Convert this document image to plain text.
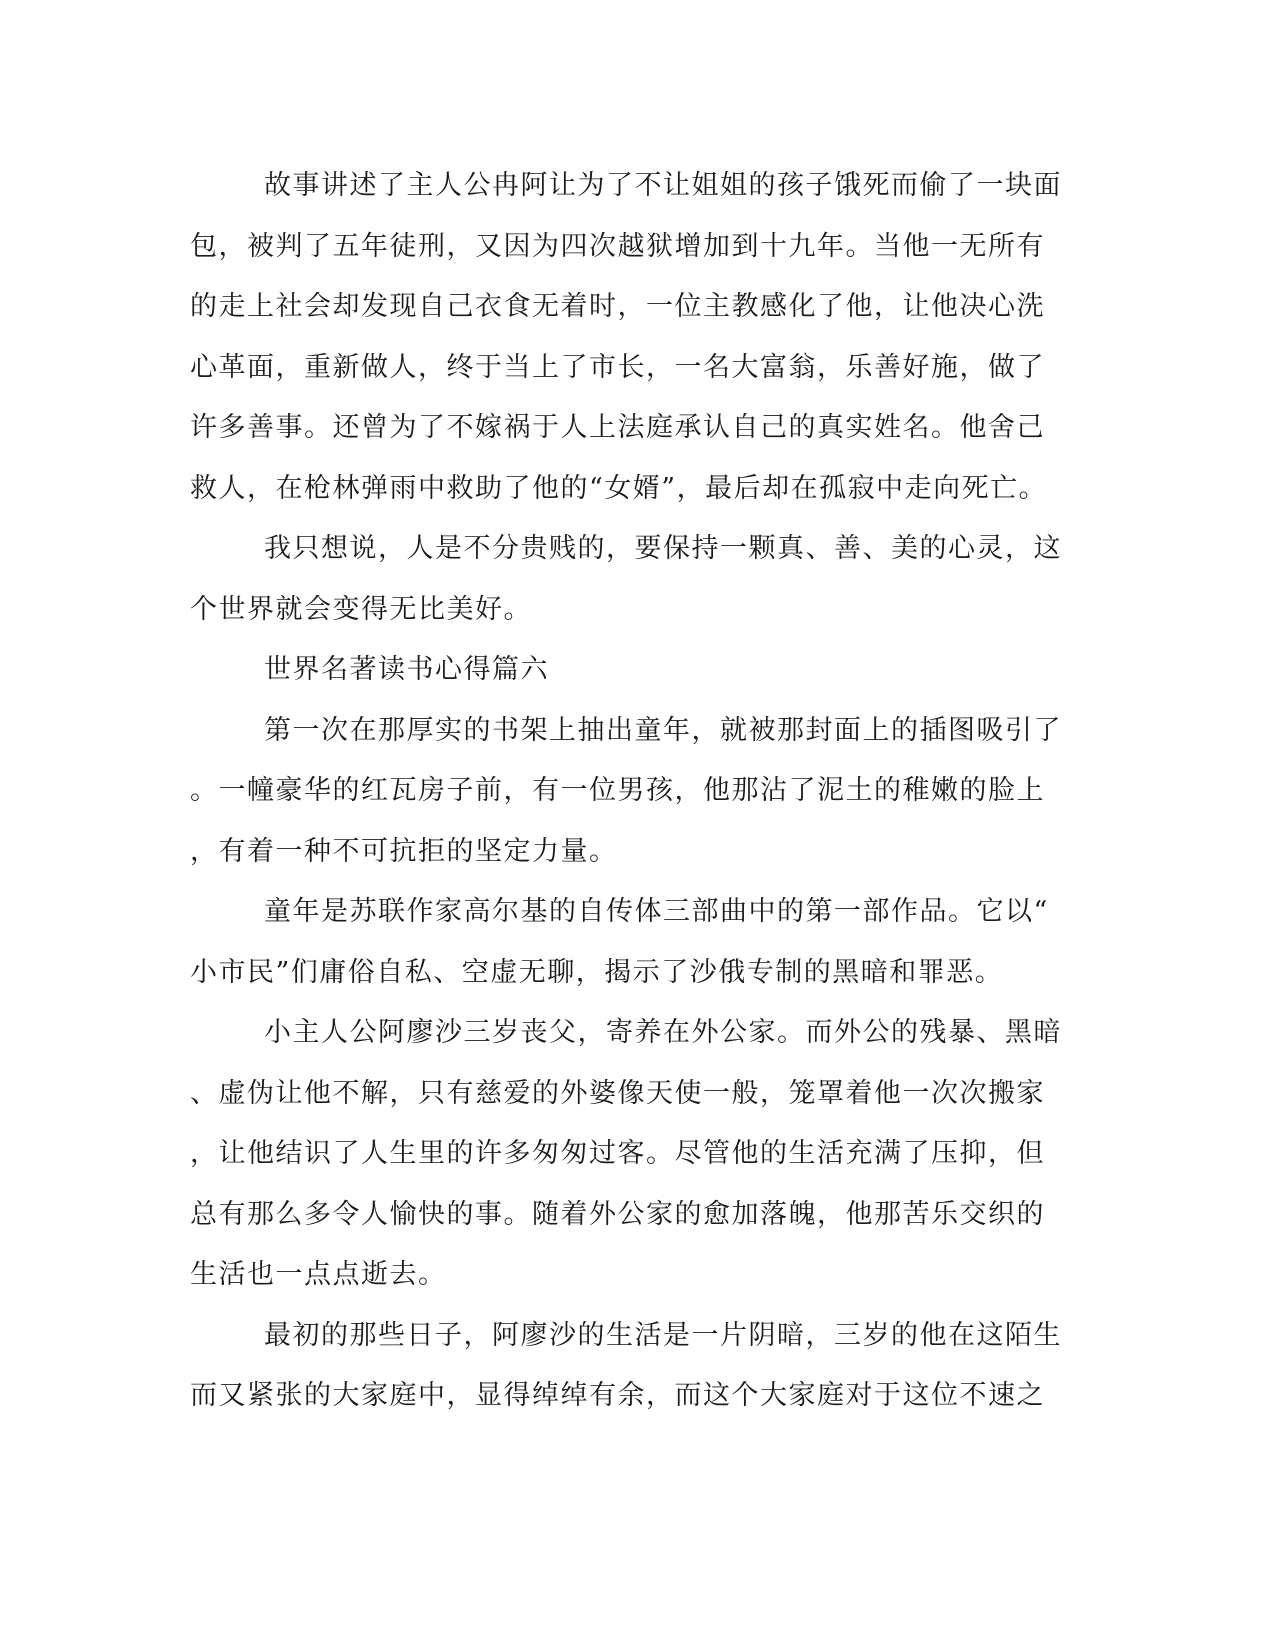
故事讲述了主人公冉阿让为了不让姐姐的孩子饿死而偷了一块面
包，被判了五年徒刑，又因为四次越狱增加到十九年。当他一无所有
的走上社会却发现自己衣食无着时，一位主教感化了他，让他决心洗
心革面，重新做人，终于当上了市长，一名大富翁，乐善好施，做了
许多善事。还曾为了不嫁祸于人上法庭承认自己的真实姓名。他舍己
救人，在枪林弹雨中救助了他的“女婿”，最后却在孤寂中走向死亡。
我只想说，人是不分贵贱的，要保持一颗真、善、美的心灵，这
个世界就会变得无比美好。
世界名著读书心得篇六
第一次在那厚实的书架上抽出童年，就被那封面上的插图吸引了
。一幢豪华的红瓦房子前，有一位男孩，他那沾了泥土的稚嫩的脸上
，有着一种不可抗拒的坚定力量。
童年是苏联作家高尔基的自传体三部曲中的第一部作品。它以“
小市民”们庸俗自私、空虚无聊，揭示了沙俄专制的黑暗和罪恶。
小主人公阿廖沙三岁丧父，寄养在外公家。而外公的残暴、黑暗
、虚伪让他不解，只有慈爱的外婆像天使一般，笼罩着他一次次搬家
，让他结识了人生里的许多匆匆过客。尽管他的生活充满了压抑，但
总有那么多令人愉快的事。随着外公家的愈加落魄，他那苦乐交织的
生活也一点点逝去。
最初的那些日子，阿廖沙的生活是一片阴暗，三岁的他在这陌生
而又紧张的大家庭中，显得绰绰有余，而这个大家庭对于这位不速之
